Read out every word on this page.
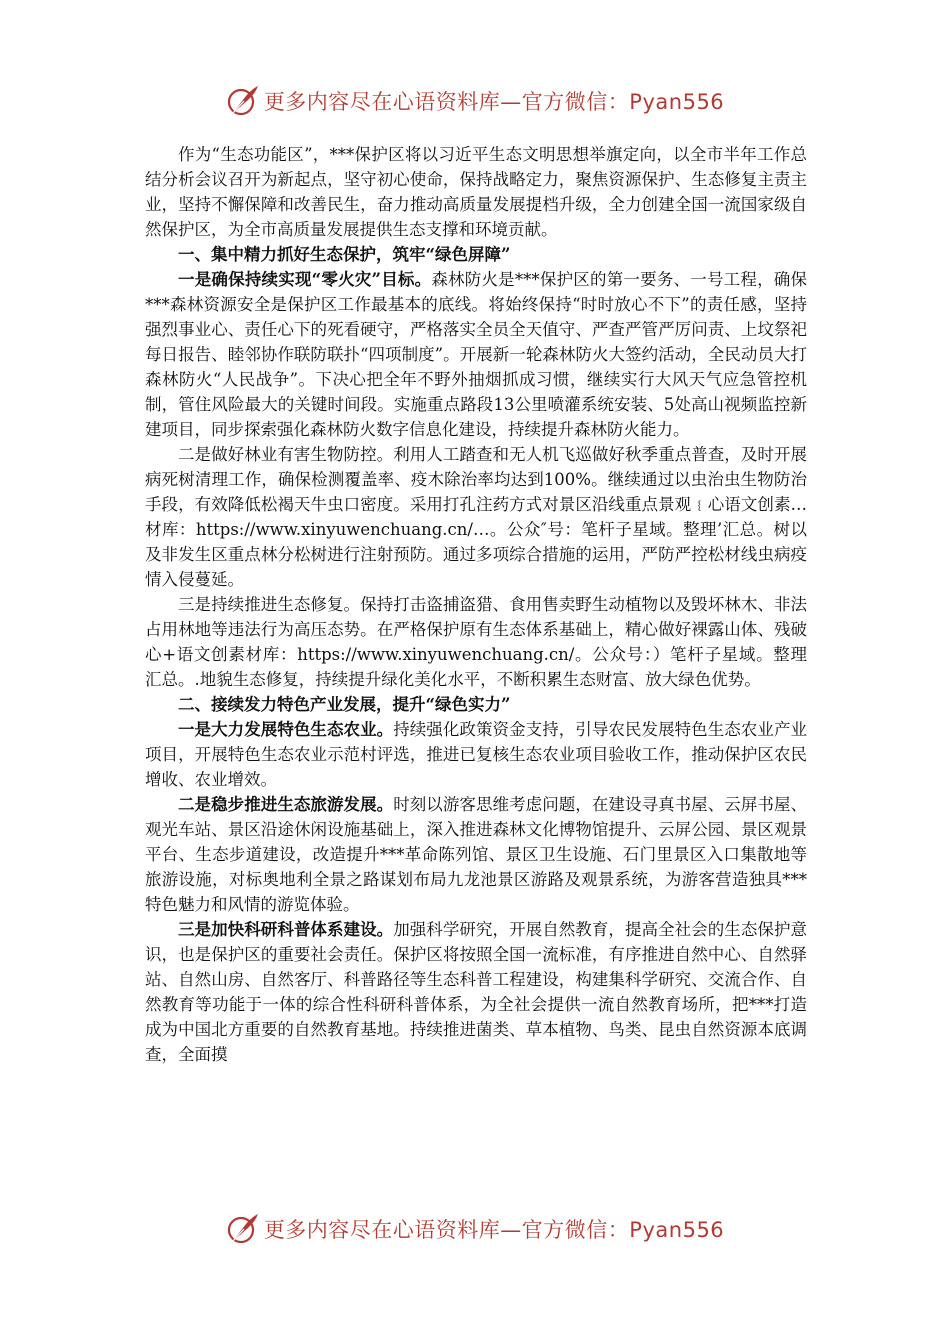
更多内容尽在心语资料库—官方微信：Pyan556

作为“生态功能区”，***保护区将以习近平生态文明思想举旗定向，以全市半年工作总结分析会议召开为新起点，坚守初心使命，保持战略定力，聚焦资源保护、生态修复主责主业，坚持不懈保障和改善民生，奋力推动高质量发展提档升级，全力创建全国一流国家级自然保护区，为全市高质量发展提供生态支撑和环境贡献。

一、集中精力抓好生态保护，筑牢“绿色屏障”

一是确保持续实现“零火灾”目标。森林防火是***保护区的第一要务、一号工程，确保***森林资源安全是保护区工作最基本的底线。将始终保持“时时放心不下”的责任感，坚持强烈事业心、责任心下的死看硬守，严格落实全员全天值守、严查严管严厉问责、上坟祭祀每日报告、睦邻协作联防联扑“四项制度”。开展新一轮森林防火大签约活动，全民动员大打森林防火“人民战争”。下决心把全年不野外抽烟抓成习惯，继续实行大风天气应急管控机制，管住风险最大的关键时间段。实施重点路段13公里喷灌系统安装、5处高山视频监控新建项目，同步探索强化森林防火数字信息化建设，持续提升森林防火能力。

二是做好林业有害生物防控。利用人工踏查和无人机飞巡做好秋季重点普查，及时开展病死树清理工作，确保检测覆盖率、疫木除治率均达到100%。继续通过以虫治虫生物防治手段，有效降低松褐天牛虫口密度。采用打孔注药方式对景区沿线重点景观﹛心语文创素…材库：https://www.xinyuwenchuang.cn/…。公众″号：笔杆子星域。整理’汇总。树以及非发生区重点林分松树进行注射预防。通过多项综合措施的运用，严防严控松材线虫病疫情入侵蔓延。

三是持续推进生态修复。保持打击盗捕盗猎、食用售卖野生动植物以及毁坏林木、非法占用林地等违法行为高压态势。在严格保护原有生态体系基础上，精心做好裸露山体、残破心+语文创素材库：https://www.xinyuwenchuang.cn/。公众号：）笔杆子星域。整理汇总。.地貌生态修复，持续提升绿化美化水平，不断积累生态财富、放大绿色优势。

二、接续发力特色产业发展，提升“绿色实力”

一是大力发展特色生态农业。持续强化政策资金支持，引导农民发展特色生态农业产业项目，开展特色生态农业示范村评选，推进已复核生态农业项目验收工作，推动保护区农民增收、农业增效。

二是稳步推进生态旅游发展。时刻以游客思维考虑问题，在建设寻真书屋、云屏书屋、观光车站、景区沿途休闲设施基础上，深入推进森林文化博物馆提升、云屏公园、景区观景平台、生态步道建设，改造提升***革命陈列馆、景区卫生设施、石门里景区入口集散地等旅游设施，对标奥地利全景之路谋划布局九龙池景区游路及观景系统，为游客营造独具***特色魅力和风情的游览体验。

三是加快科研科普体系建设。加强科学研究，开展自然教育，提高全社会的生态保护意识，也是保护区的重要社会责任。保护区将按照全国一流标准，有序推进自然中心、自然驿站、自然山房、自然客厅、科普路径等生态科普工程建设，构建集科学研究、交流合作、自然教育等功能于一体的综合性科研科普体系，为全社会提供一流自然教育场所，把***打造成为中国北方重要的自然教育基地。持续推进菌类、草本植物、鸟类、昆虫自然资源本底调查，全面摸

更多内容尽在心语资料库—官方微信：Pyan556
